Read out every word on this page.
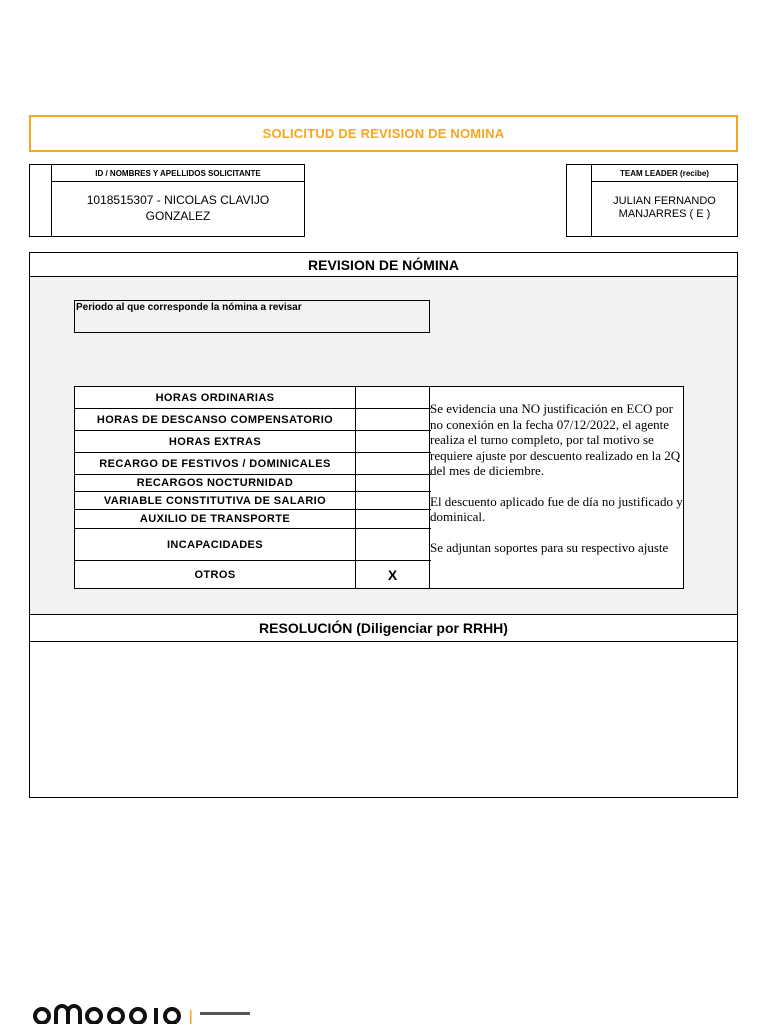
SOLICITUD DE REVISION DE NOMINA
ID / NOMBRES Y APELLIDOS SOLICITANTE
1018515307 - NICOLAS CLAVIJO
GONZALEZ
TEAM LEADER (recibe)
JULIAN FERNANDO
MANJARRES ( E )
REVISION DE NÓMINA
Periodo al que corresponde la nómina a revisar
HORAS ORDINARIAS
HORAS DE DESCANSO COMPENSATORIO
HORAS EXTRAS
RECARGO DE FESTIVOS / DOMINICALES
RECARGOS NOCTURNIDAD
VARIABLE CONSTITUTIVA DE SALARIO
AUXILIO DE TRANSPORTE
INCAPACIDADES
OTROS	X

Se evidencia una NO justificación en ECO por no conexión en la fecha 07/12/2022, el agente realiza el turno completo, por tal motivo se requiere ajuste por descuento realizado en la 2Q del mes de diciembre.

El descuento aplicado fue de día no justificado y dominical.

Se adjuntan soportes para su respectivo ajuste

RESOLUCIÓN (Diligenciar por RRHH)
